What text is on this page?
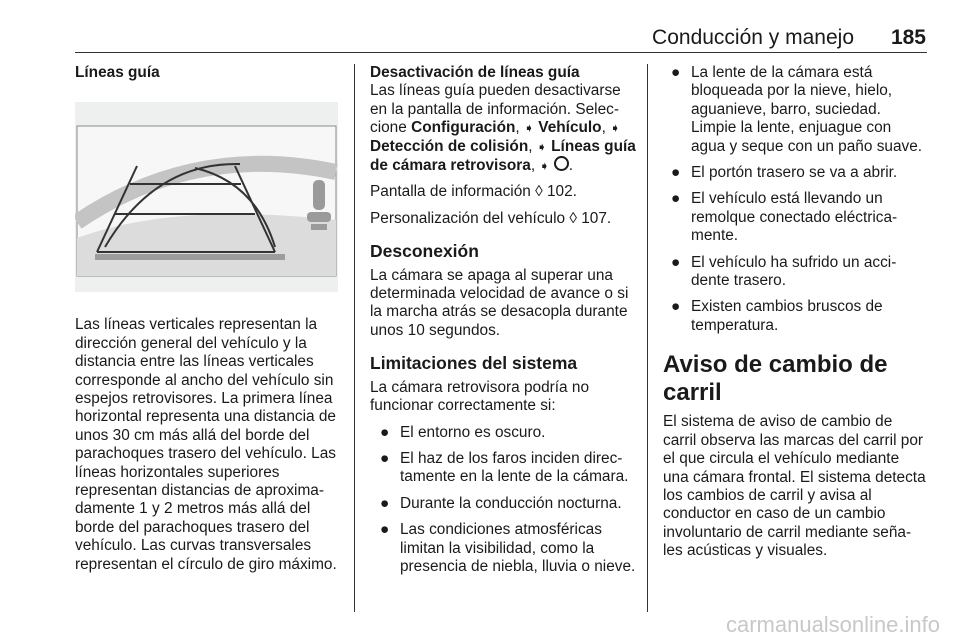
Conducción y manejo 185

Líneas guía

Las líneas verticales representan la dirección general del vehículo y la distancia entre las líneas verticales corresponde al ancho del vehículo sin espejos retrovisores. La primera línea horizontal representa una distancia de unos 30 cm más allá del borde del parachoques trasero del vehículo. Las líneas horizontales superiores representan distancias de aproxima‐damente 1 y 2 metros más allá del borde del parachoques trasero del vehículo. Las curvas transversales representan el círculo de giro máximo.

Desactivación de líneas guía

Las líneas guía pueden desactivarse en la pantalla de información. Selec‐cione Configuración, ➧ Vehículo, ➧ Detección de colisión, ➧ Líneas guía de cámara retrovisora, ➧ .

Pantalla de información ◊ 102.

Personalización del vehículo ◊ 107.

Desconexión

La cámara se apaga al superar una determinada velocidad de avance o si la marcha atrás se desacopla durante unos 10 segundos.

Limitaciones del sistema

La cámara retrovisora podría no funcionar correctamente si:

● El entorno es oscuro.
● El haz de los faros inciden direc‐tamente en la lente de la cámara.
● Durante la conducción nocturna.
● Las condiciones atmosféricas limitan la visibilidad, como la presencia de niebla, lluvia o nieve.
● La lente de la cámara está bloqueada por la nieve, hielo, aguanieve, barro, suciedad. Limpie la lente, enjuague con agua y seque con un paño suave.
● El portón trasero se va a abrir.
● El vehículo está llevando un remolque conectado eléctrica‐mente.
● El vehículo ha sufrido un acci‐dente trasero.
● Existen cambios bruscos de temperatura.

Aviso de cambio de carril

El sistema de aviso de cambio de carril observa las marcas del carril por el que circula el vehículo mediante una cámara frontal. El sistema detecta los cambios de carril y avisa al conductor en caso de un cambio involuntario de carril mediante seña‐les acústicas y visuales.

carmanualsonline.info
